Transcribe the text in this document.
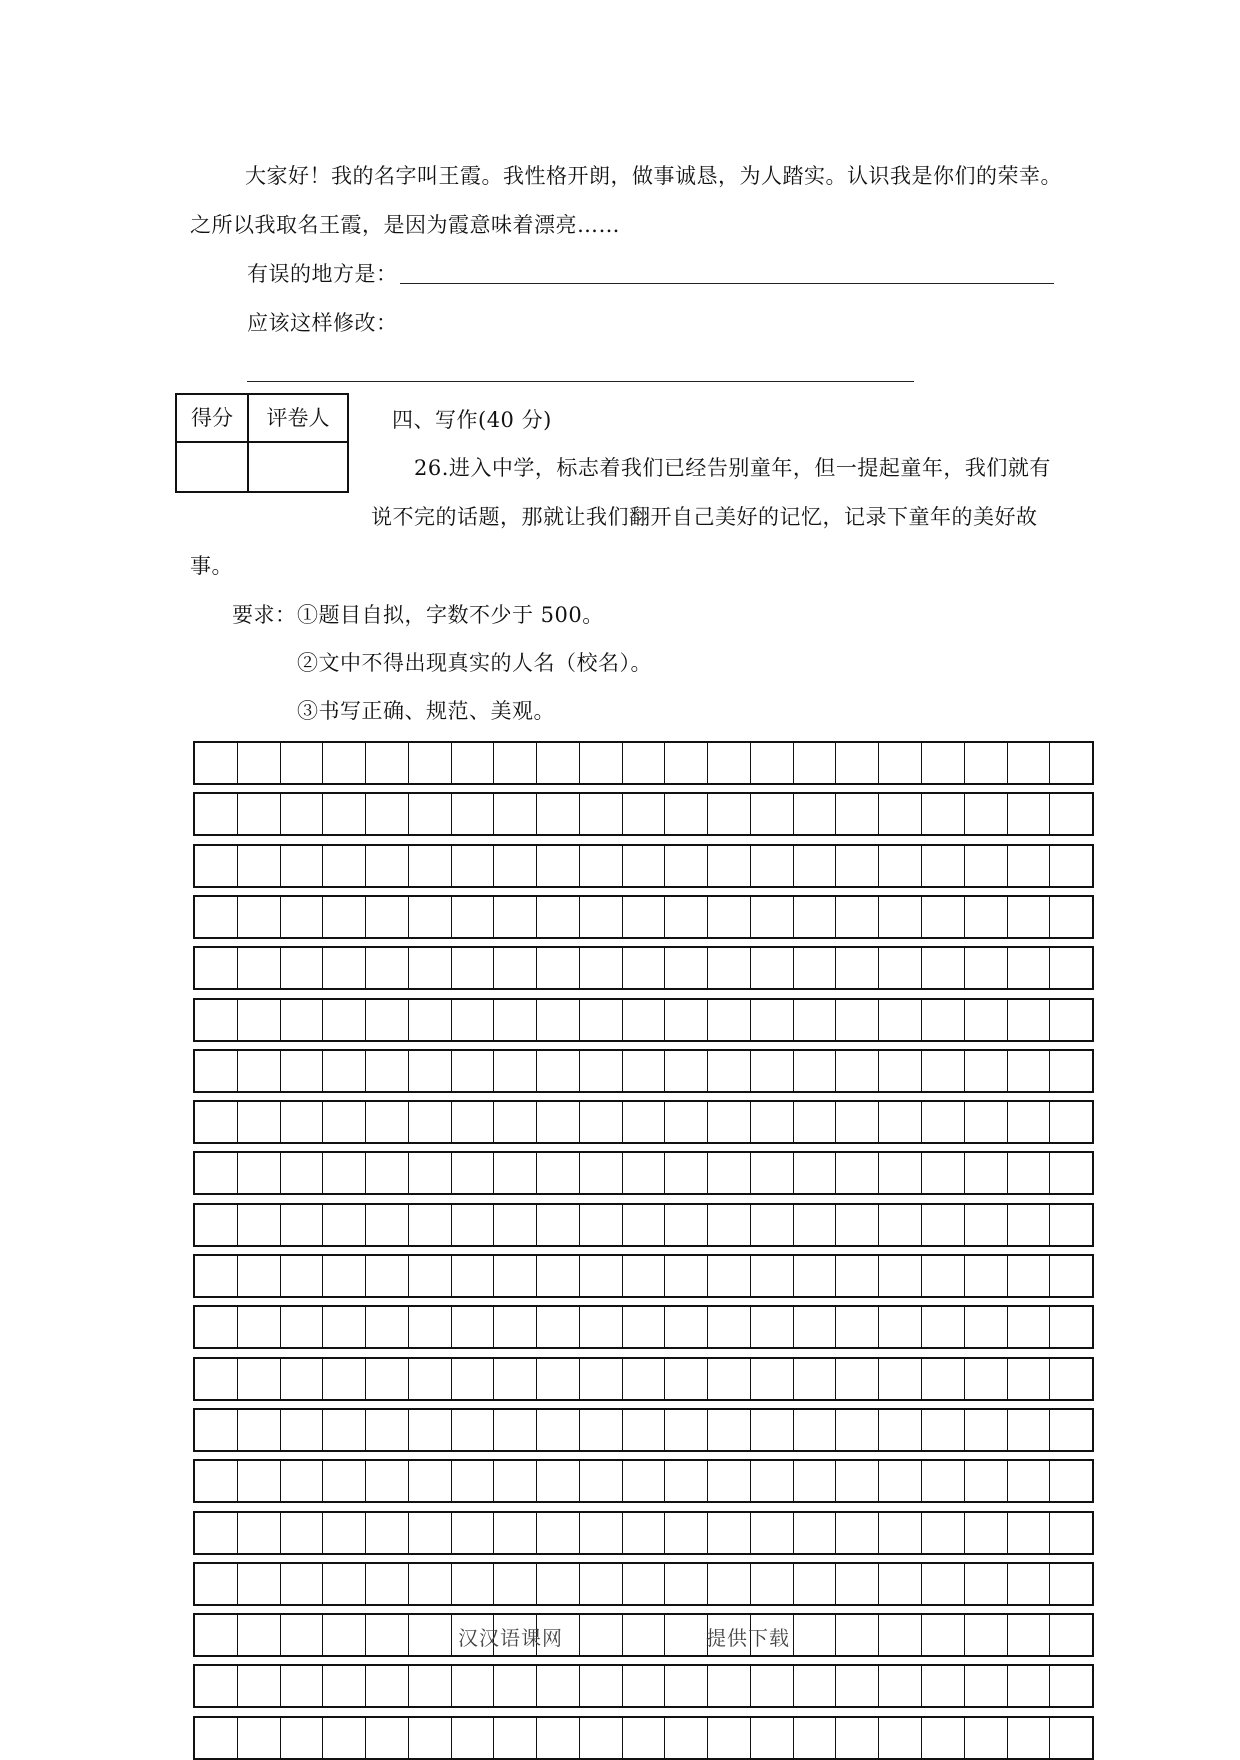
大家好！我的名字叫王霞。我性格开朗，做事诚恳，为人踏实。认识我是你们的荣幸。
之所以我取名王霞，是因为霞意味着漂亮……
有误的地方是：
应该这样修改：
得分	评卷人	四、写作(40 分)
26.进入中学，标志着我们已经告别童年，但一提起童年，我们就有
说不完的话题，那就让我们翻开自己美好的记忆，记录下童年的美好故
事。
要求： ①题目自拟，字数不少于 500。
②文中不得出现真实的人名（校名）。
③书写正确、规范、美观。
汉汉语课网	提供下载
